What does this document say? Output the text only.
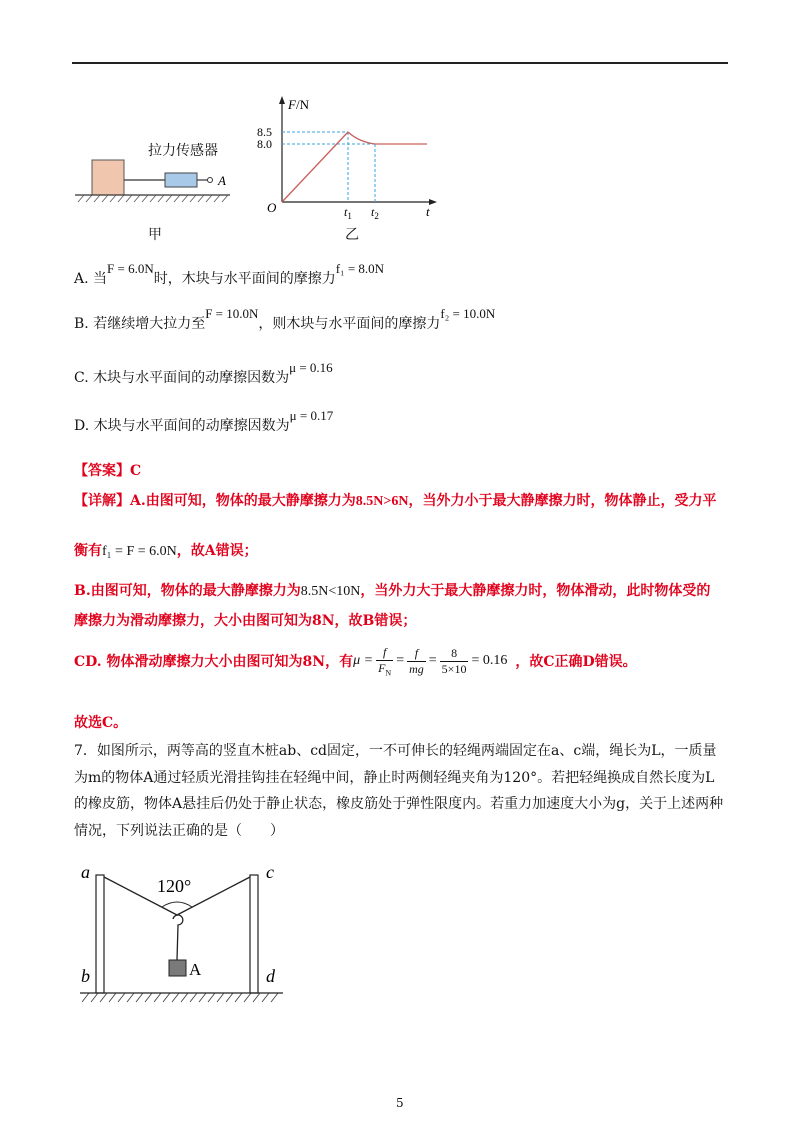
A
拉力传感器
甲
F/N
8.5
8.0
O	$t_1$ $t_2$	t
乙
A. 当F = 6.0N时，木块与水平面间的摩擦力f₁ = 8.0N
B. 若继续增大拉力至F = 10.0N，则木块与水平面间的摩擦力f₂ = 10.0N
C. 木块与水平面间的动摩擦因数为μ = 0.16
D. 木块与水平面间的动摩擦因数为μ = 0.17
【答案】C
【详解】A.由图可知，物体的最大静摩擦力为8.5N>6N，当外力小于最大静摩擦力时，物体静止，受力平
衡有f₁ = F = 6.0N，故A错误；
B.由图可知，物体的最大静摩擦力为8.5N<10N，当外力大于最大静摩擦力时，物体滑动，此时物体受的
摩擦力为滑动摩擦力，大小由图可知为8N，故B错误；
CD. 物体滑动摩擦力大小由图可知为8N，有 $\mu = \frac{f}{F_N} = \frac{f}{mg} = \frac{8}{5\times 10} = 0.16$ ，故C正确D错误。
故选C。
7．如图所示，两等高的竖直木桩ab、cd固定，一不可伸长的轻绳两端固定在a、c端，绳长为L，一质量为m的物体A通过轻质光滑挂钩挂在轻绳中间，静止时两侧轻绳夹角为120°。若把轻绳换成自然长度为L的橡皮筋，物体A悬挂后仍处于静止状态，橡皮筋处于弹性限度内。若重力加速度大小为g，关于上述两种情况，下列说法正确的是（　　）
a
b
c
d
120°
A
5
